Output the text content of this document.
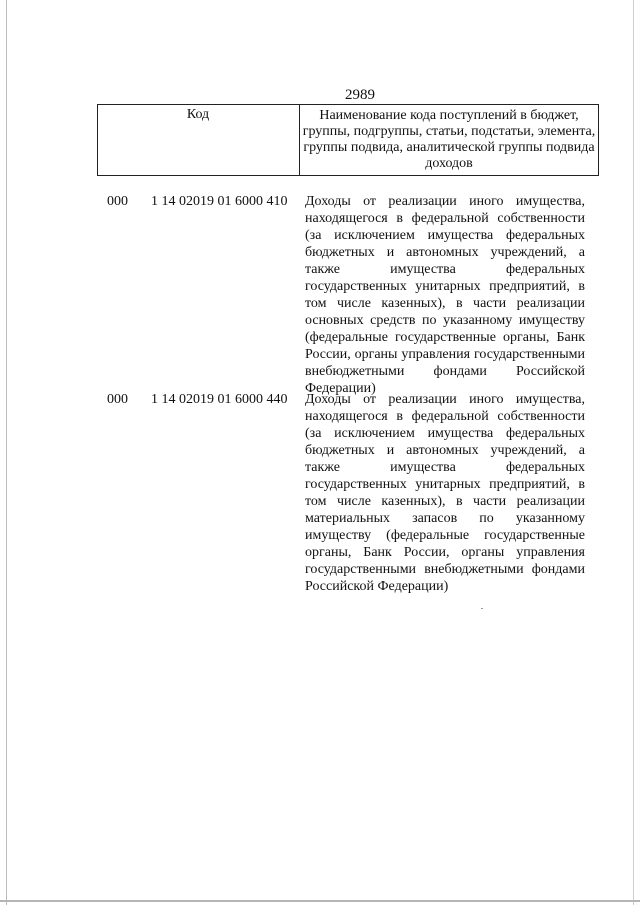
2989
Код	Наименование кода поступлений в бюджет, группы, подгруппы, статьи, подстатьи, элемента, группы подвида, аналитической группы подвида доходов
000 1 14 02019 01 6000 410 Доходы от реализации иного имущества, находящегося в федеральной собственности (за исключением имущества федеральных бюджетных и автономных учреждений, а также имущества федеральных государственных унитарных предприятий, в том числе казенных), в части реализации основных средств по указанному имуществу (федеральные государственные органы, Банк России, органы управления государственными внебюджетными фондами Российской Федерации)
000 1 14 02019 01 6000 440 Доходы от реализации иного имущества, находящегося в федеральной собственности (за исключением имущества федеральных бюджетных и автономных учреждений, а также имущества федеральных государственных унитарных предприятий, в том числе казенных), в части реализации материальных запасов по указанному имуществу (федеральные государственные органы, Банк России, органы управления государственными внебюджетными фондами Российской Федерации)
